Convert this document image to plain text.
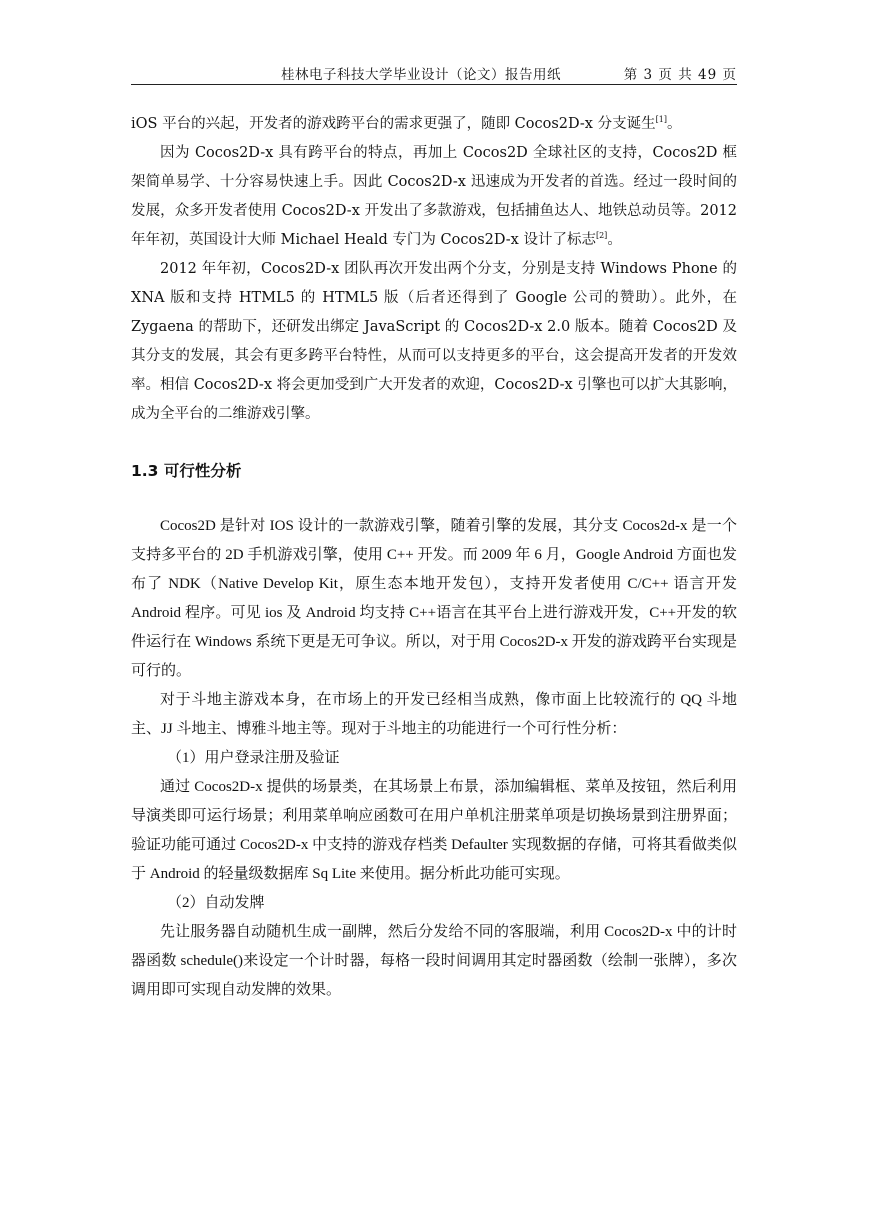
桂林电子科技大学毕业设计（论文）报告用纸	第 3 页 共 49 页

iOS 平台的兴起，开发者的游戏跨平台的需求更强了，随即 Cocos2D-x 分支诞生[1]。

因为 Cocos2D-x 具有跨平台的特点，再加上 Cocos2D 全球社区的支持，Cocos2D 框架简单易学、十分容易快速上手。因此 Cocos2D-x 迅速成为开发者的首选。经过一段时间的发展，众多开发者使用 Cocos2D-x 开发出了多款游戏，包括捕鱼达人、地铁总动员等。2012 年年初，英国设计大师 Michael Heald 专门为 Cocos2D-x 设计了标志[2]。

2012 年年初，Cocos2D-x 团队再次开发出两个分支，分别是支持 Windows Phone 的 XNA 版和支持 HTML5 的 HTML5 版（后者还得到了 Google 公司的赞助）。此外，在 Zygaena 的帮助下，还研发出绑定 JavaScript 的 Cocos2D-x 2.0 版本。随着 Cocos2D 及其分支的发展，其会有更多跨平台特性，从而可以支持更多的平台，这会提高开发者的开发效率。相信 Cocos2D-x 将会更加受到广大开发者的欢迎，Cocos2D-x 引擎也可以扩大其影响，成为全平台的二维游戏引擎。

1.3 可行性分析

Cocos2D 是针对 IOS 设计的一款游戏引擎，随着引擎的发展，其分支 Cocos2d-x 是一个支持多平台的 2D 手机游戏引擎，使用 C++ 开发。而 2009 年 6 月，Google Android 方面也发布了 NDK（Native Develop Kit，原生态本地开发包），支持开发者使用 C/C++ 语言开发 Android 程序。可见 ios 及 Android 均支持 C++语言在其平台上进行游戏开发，C++开发的软件运行在 Windows 系统下更是无可争议。所以，对于用 Cocos2D-x 开发的游戏跨平台实现是可行的。

对于斗地主游戏本身，在市场上的开发已经相当成熟，像市面上比较流行的 QQ 斗地主、JJ 斗地主、博雅斗地主等。现对于斗地主的功能进行一个可行性分析：

（1）用户登录注册及验证

通过 Cocos2D-x 提供的场景类，在其场景上布景，添加编辑框、菜单及按钮，然后利用导演类即可运行场景；利用菜单响应函数可在用户单机注册菜单项是切换场景到注册界面；验证功能可通过 Cocos2D-x 中支持的游戏存档类 Defaulter 实现数据的存储，可将其看做类似于 Android 的轻量级数据库 Sq Lite 来使用。据分析此功能可实现。

（2）自动发牌

先让服务器自动随机生成一副牌，然后分发给不同的客服端，利用 Cocos2D-x 中的计时器函数 schedule()来设定一个计时器，每格一段时间调用其定时器函数（绘制一张牌），多次调用即可实现自动发牌的效果。
